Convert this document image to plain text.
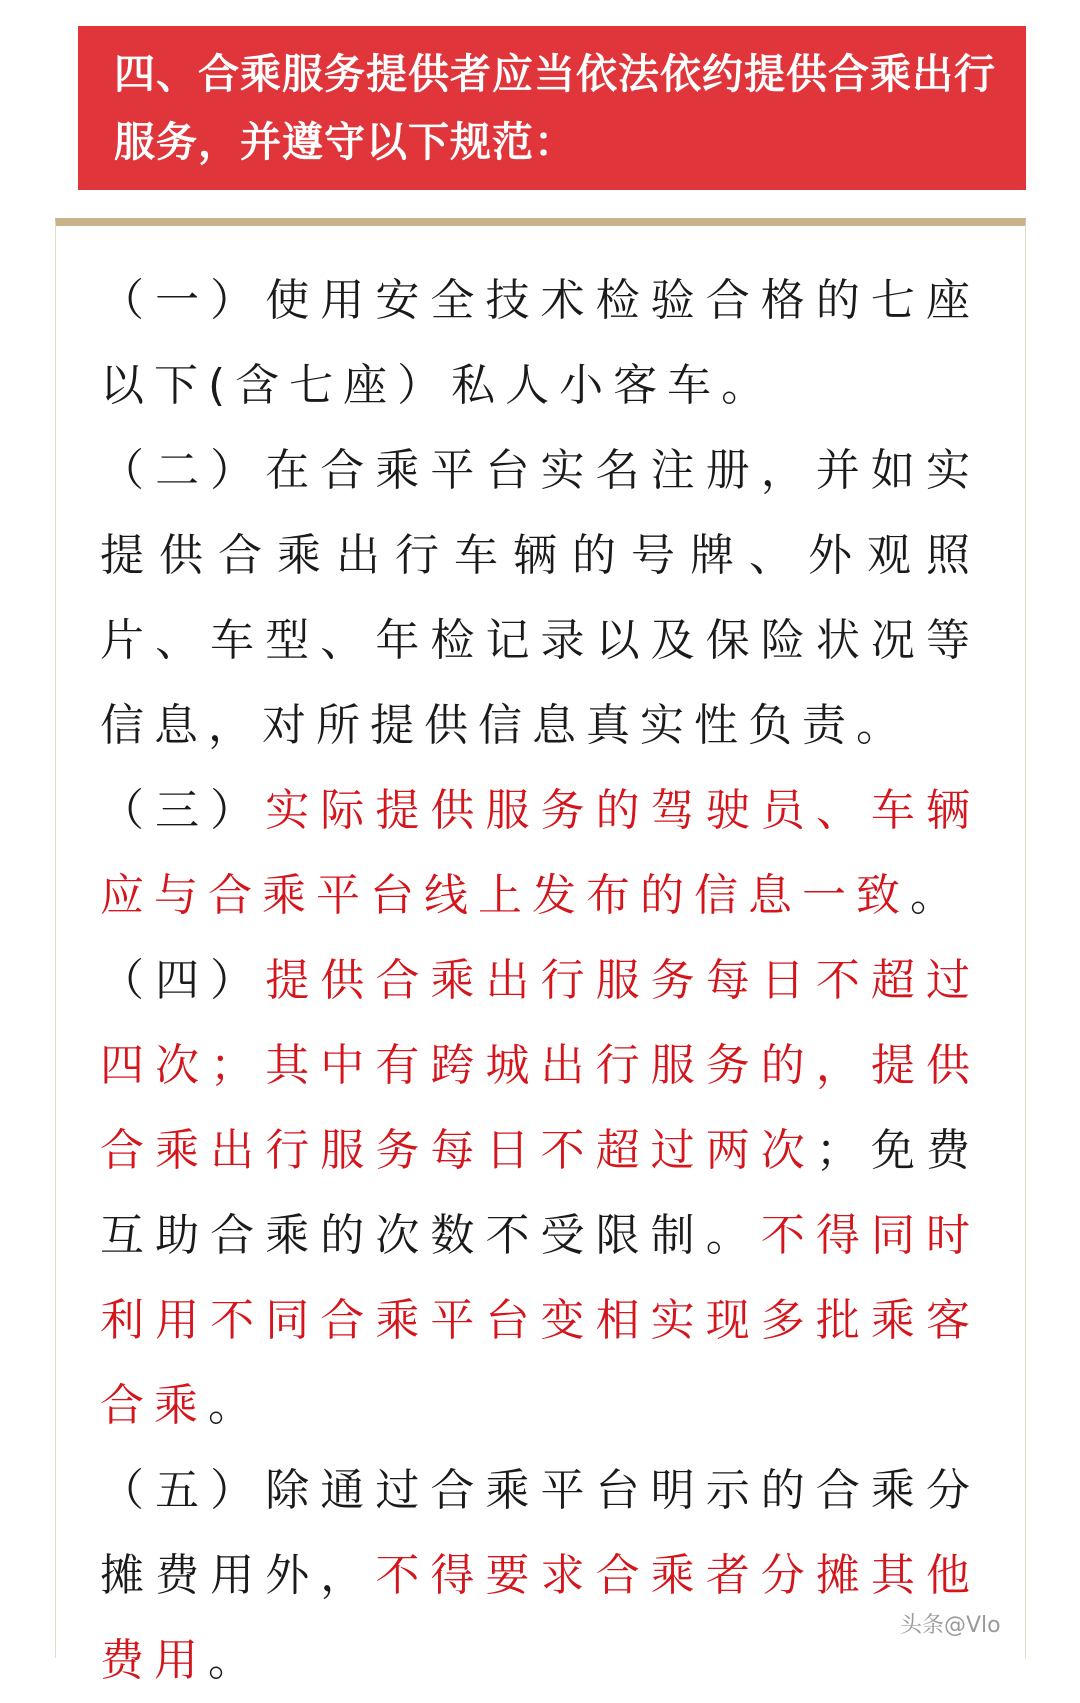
四、合乘服务提供者应当依法依约提供合乘出行服务，并遵守以下规范：

（一）使用安全技术检验合格的七座以下(含七座）私人小客车。

（二）在合乘平台实名注册，并如实提供合乘出行车辆的号牌、外观照片、车型、年检记录以及保险状况等信息，对所提供信息真实性负责。

（三）实际提供服务的驾驶员、车辆应与合乘平台线上发布的信息一致。

（四）提供合乘出行服务每日不超过四次；其中有跨城出行服务的，提供合乘出行服务每日不超过两次；免费互助合乘的次数不受限制。不得同时利用不同合乘平台变相实现多批乘客合乘。

（五）除通过合乘平台明示的合乘分摊费用外，不得要求合乘者分摊其他费用。

头条@Vlo
